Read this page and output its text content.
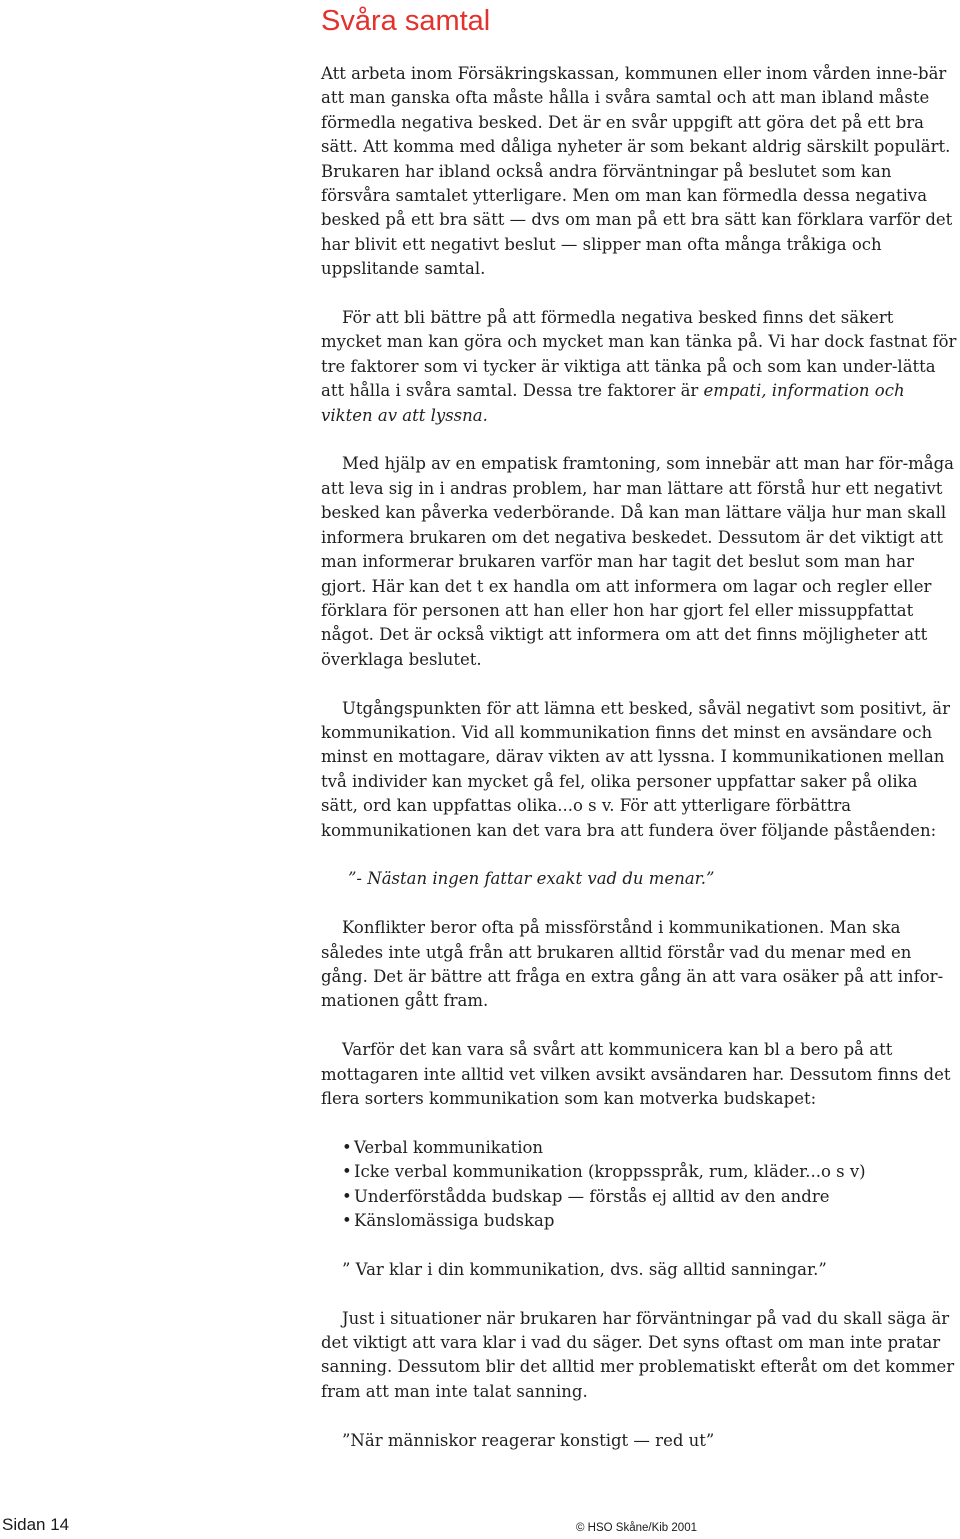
Svåra samtal

Att arbeta inom Försäkringskassan, kommunen eller inom vården inne-bär att man ganska ofta måste hålla i svåra samtal och att man ibland måste förmedla negativa besked. Det är en svår uppgift att göra det på ett bra sätt. Att komma med dåliga nyheter är som bekant aldrig särskilt populärt. Brukaren har ibland också andra förväntningar på beslutet som kan försvåra samtalet ytterligare. Men om man kan förmedla dessa negativa besked på ett bra sätt — dvs om man på ett bra sätt kan förklara varför det har blivit ett negativt beslut — slipper man ofta många tråkiga och uppslitande samtal.

För att bli bättre på att förmedla negativa besked finns det säkert mycket man kan göra och mycket man kan tänka på. Vi har dock fastnat för tre faktorer som vi tycker är viktiga att tänka på och som kan under-lätta att hålla i svåra samtal. Dessa tre faktorer är empati, information och vikten av att lyssna.

Med hjälp av en empatisk framtoning, som innebär att man har för-måga att leva sig in i andras problem, har man lättare att förstå hur ett negativt besked kan påverka vederbörande. Då kan man lättare välja hur man skall informera brukaren om det negativa beskedet. Dessutom är det viktigt att man informerar brukaren varför man har tagit det beslut som man har gjort. Här kan det t ex handla om att informera om lagar och regler eller förklara för personen att han eller hon har gjort fel eller missuppfattat något. Det är också viktigt att informera om att det finns möjligheter att överklaga beslutet.

Utgångspunkten för att lämna ett besked, såväl negativt som positivt, är kommunikation. Vid all kommunikation finns det minst en avsändare och minst en mottagare, därav vikten av att lyssna. I kommunikationen mellan två individer kan mycket gå fel, olika personer uppfattar saker på olika sätt, ord kan uppfattas olika...o s v. För att ytterligare förbättra kommunikationen kan det vara bra att fundera över följande påståenden:

”- Nästan ingen fattar exakt vad du menar.”

Konflikter beror ofta på missförstånd i kommunikationen. Man ska således inte utgå från att brukaren alltid förstår vad du menar med en gång. Det är bättre att fråga en extra gång än att vara osäker på att infor-mationen gått fram.

Varför det kan vara så svårt att kommunicera kan bl a bero på att mottagaren inte alltid vet vilken avsikt avsändaren har. Dessutom finns det flera sorters kommunikation som kan motverka budskapet:

• Verbal kommunikation
• Icke verbal kommunikation (kroppsspråk, rum, kläder...o s v)
• Underförstådda budskap — förstås ej alltid av den andre
• Känslomässiga budskap

” Var klar i din kommunikation, dvs. säg alltid sanningar.”

Just i situationer när brukaren har förväntningar på vad du skall säga är det viktigt att vara klar i vad du säger. Det syns oftast om man inte pratar sanning. Dessutom blir det alltid mer problematiskt efteråt om det kommer fram att man inte talat sanning.

”När människor reagerar konstigt — red ut”

Sidan 14	© HSO Skåne/Kib 2001
